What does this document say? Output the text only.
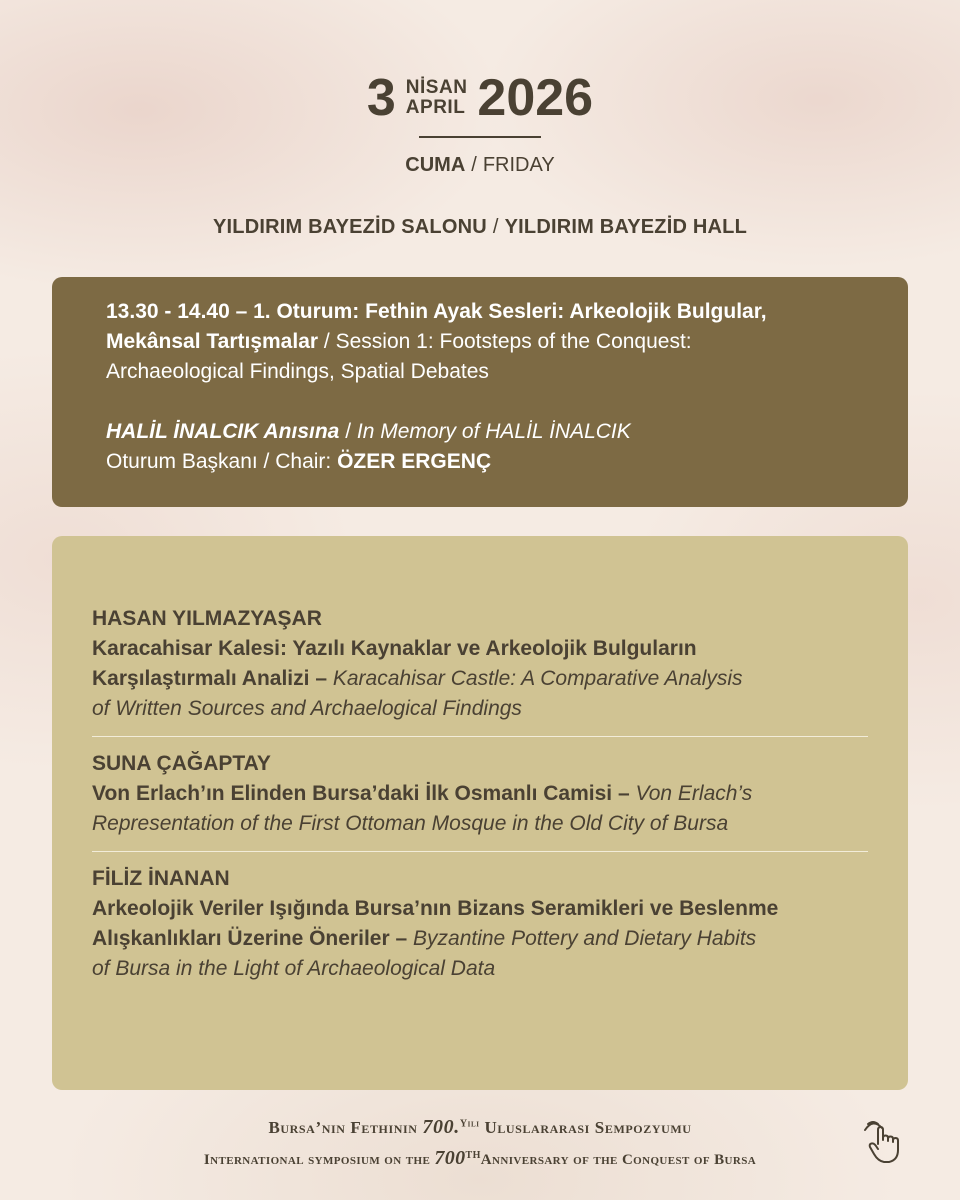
3 NİSAN
APRIL 2026
CUMA / FRIDAY
YILDIRIM BAYEZİD SALONU / YILDIRIM BAYEZİD HALL

13.30 - 14.40 – 1. Oturum: Fethin Ayak Sesleri: Arkeolojik Bulgular,
Mekânsal Tartışmalar / Session 1: Footsteps of the Conquest:
Archaeological Findings, Spatial Debates

HALİL İNALCIK Anısına / In Memory of HALİL İNALCIK

Oturum Başkanı / Chair: ÖZER ERGENÇ

HASAN YILMAZYAŞAR
Karacahisar Kalesi: Yazılı Kaynaklar ve Arkeolojik Bulguların
Karşılaştırmalı Analizi – Karacahisar Castle: A Comparative Analysis
of Written Sources and Archaelogical Findings
SUNA ÇAĞAPTAY
Von Erlach’ın Elinden Bursa’daki İlk Osmanlı Camisi – Von Erlach’s
Representation of the First Ottoman Mosque in the Old City of Bursa
FİLİZ İNANAN
Arkeolojik Veriler Işığında Bursa’nın Bizans Seramikleri ve Beslenme
Alışkanlıkları Üzerine Öneriler – Byzantine Pottery and Dietary Habits
of Bursa in the Light of Archaeological Data
Bursa’nın Fethinin 700.$^{Yılı}$ Uluslararası Sempozyumu
International symposium on the 700THAnniversary of the Conquest of Bursa
